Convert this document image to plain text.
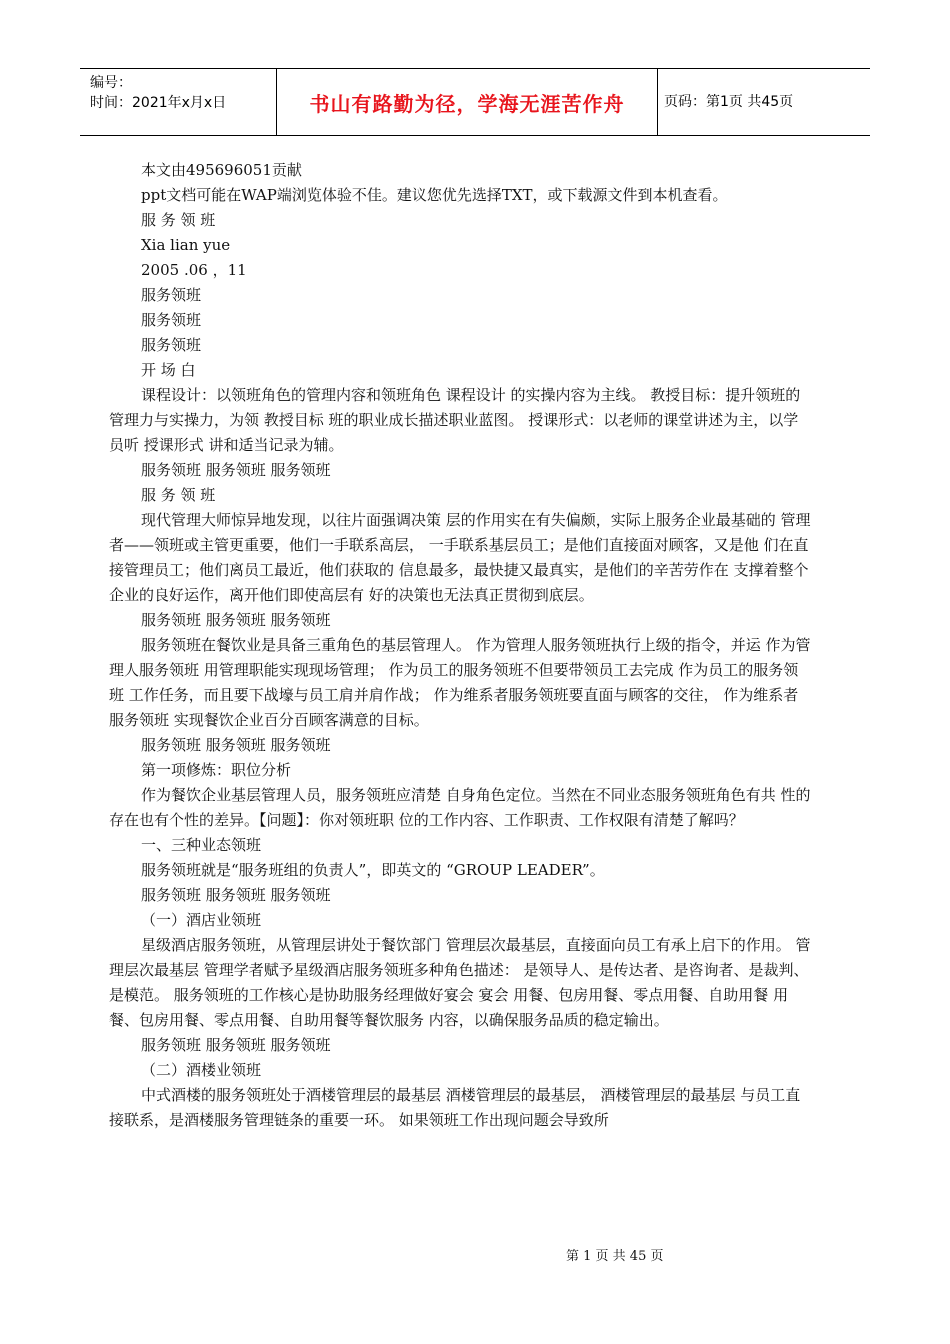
编号：
时间：2021年x月x日	书山有路勤为径，学海无涯苦作舟	页码：第1页 共45页

本文由495696051贡献

ppt文档可能在WAP端浏览体验不佳。建议您优先选择TXT，或下载源文件到本机查看。

服 务 领 班

Xia lian yue

2005 .06 ，11

服务领班

服务领班

服务领班

开 场 白

课程设计：以领班角色的管理内容和领班角色 课程设计 的实操内容为主线。 教授目标：提升领班的管理力与实操力，为领 教授目标 班的职业成长描述职业蓝图。 授课形式：以老师的课堂讲述为主，以学员听 授课形式 讲和适当记录为辅。

服务领班 服务领班 服务领班

服 务 领 班

现代管理大师惊异地发现，以往片面强调决策 层的作用实在有失偏颇，实际上服务企业最基础的 管理者——领班或主管更重要，他们一手联系高层， 一手联系基层员工；是他们直接面对顾客，又是他 们在直接管理员工；他们离员工最近，他们获取的 信息最多，最快捷又最真实，是他们的辛苦劳作在 支撑着整个企业的良好运作，离开他们即使高层有 好的决策也无法真正贯彻到底层。

服务领班 服务领班 服务领班

服务领班在餐饮业是具备三重角色的基层管理人。 作为管理人服务领班执行上级的指令，并运 作为管理人服务领班 用管理职能实现现场管理； 作为员工的服务领班不但要带领员工去完成 作为员工的服务领班 工作任务，而且要下战壕与员工肩并肩作战； 作为维系者服务领班要直面与顾客的交往， 作为维系者服务领班 实现餐饮企业百分百顾客满意的目标。

服务领班 服务领班 服务领班

第一项修炼：职位分析

作为餐饮企业基层管理人员，服务领班应清楚 自身角色定位。当然在不同业态服务领班角色有共 性的存在也有个性的差异。【问题】：你对领班职 位的工作内容、工作职责、工作权限有清楚了解吗？

一、三种业态领班

服务领班就是“服务班组的负责人”，即英文的 “GROUP LEADER”。

服务领班 服务领班 服务领班

（一）酒店业领班

星级酒店服务领班，从管理层讲处于餐饮部门 管理层次最基层，直接面向员工有承上启下的作用。 管理层次最基层 管理学者赋予星级酒店服务领班多种角色描述： 是领导人、是传达者、是咨询者、是裁判、是模范。 服务领班的工作核心是协助服务经理做好宴会 宴会 用餐、包房用餐、零点用餐、自助用餐 用餐、包房用餐、零点用餐、自助用餐等餐饮服务 内容，以确保服务品质的稳定输出。

服务领班 服务领班 服务领班

（二）酒楼业领班

中式酒楼的服务领班处于酒楼管理层的最基层 酒楼管理层的最基层， 酒楼管理层的最基层 与员工直接联系，是酒楼服务管理链条的重要一环。 如果领班工作出现问题会导致所

第 1 页 共 45 页
